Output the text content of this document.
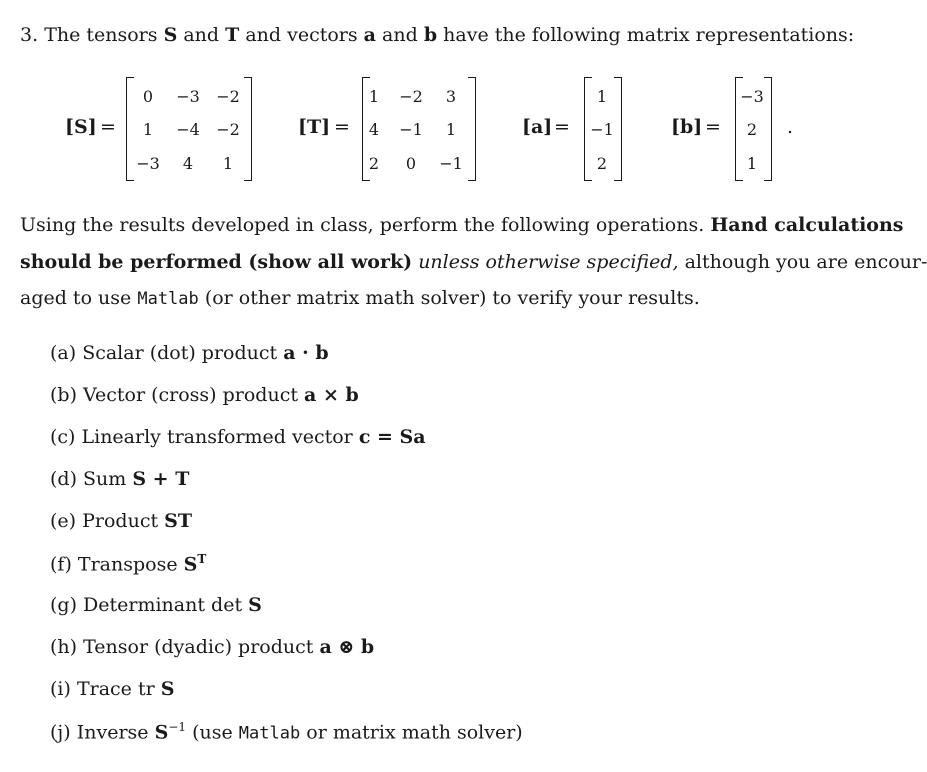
3. The tensors S and T and vectors a and b have the following matrix representations:
[S] =
0	−3 −2
1	−4 −2
−3	4	1
[T] =
1	−2	3
4	−1	1
2	0	−1
[a] =
1
−1
2
[b] =
−3
2
1
.
Using the results developed in class, perform the following operations. Hand calculations
should be performed (show all work) unless otherwise specified, although you are encour-
aged to use Matlab (or other matrix math solver) to verify your results.
(a) Scalar (dot) product a · b
(b) Vector (cross) product a × b
(c) Linearly transformed vector c = Sa
(d) Sum S + T
(e) Product ST
(f) Transpose $S^T$
(g) Determinant det S
(h) Tensor (dyadic) product a ⊗ b
(i) Trace tr S
(j) Inverse $S^{-1}$ (use Matlab or matrix math solver)
